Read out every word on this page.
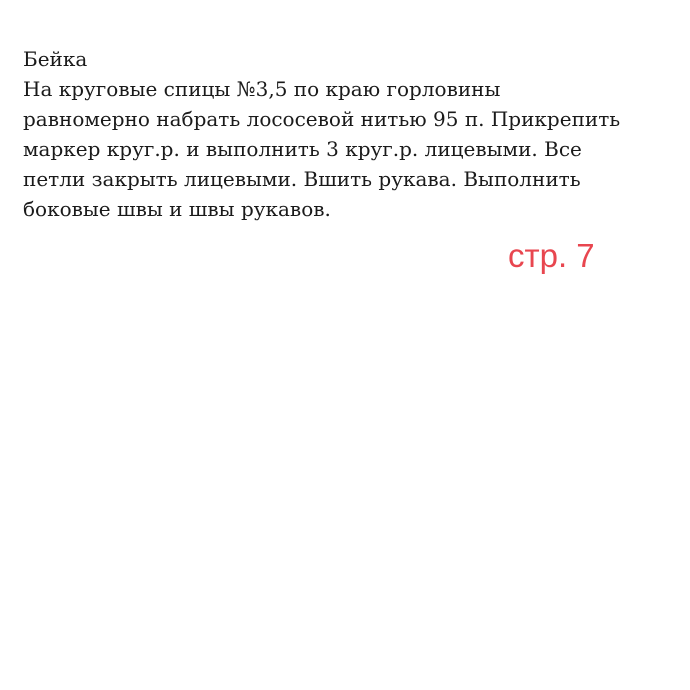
Бейка
На круговые спицы №3,5 по краю горловины
равномерно набрать лососевой нитью 95 п. Прикрепить
маркер круг.р. и выполнить 3 круг.р. лицевыми. Все
петли закрыть лицевыми. Вшить рукава. Выполнить
боковые швы и швы рукавов.
стр. 7
